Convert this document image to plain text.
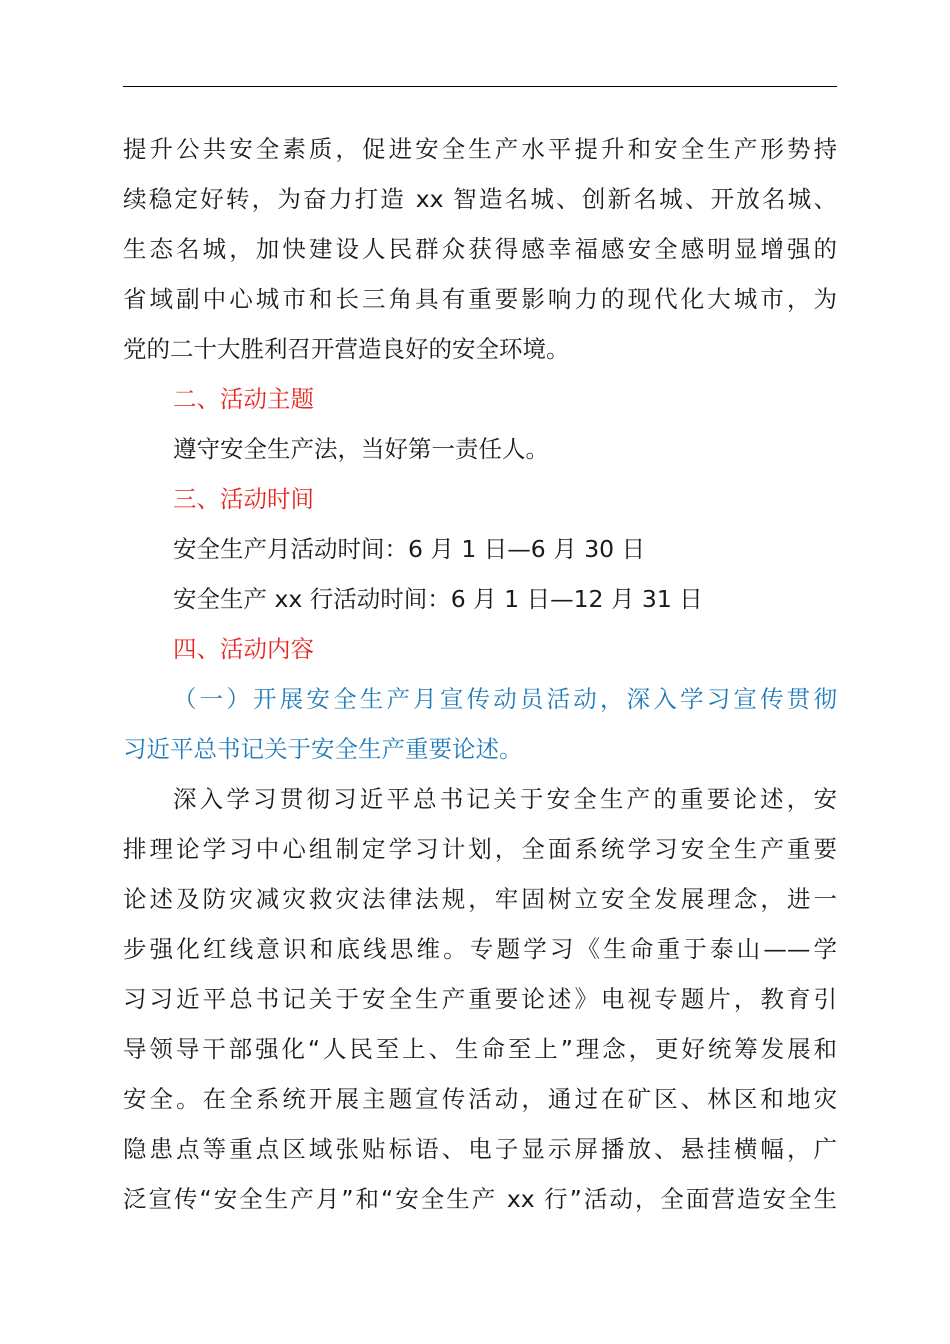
提升公共安全素质，促进安全生产水平提升和安全生产形势持
续稳定好转，为奋力打造 xx 智造名城、创新名城、开放名城、
生态名城，加快建设人民群众获得感幸福感安全感明显增强的
省域副中心城市和长三角具有重要影响力的现代化大城市，为
党的二十大胜利召开营造良好的安全环境。
二、活动主题
遵守安全生产法，当好第一责任人。
三、活动时间
安全生产月活动时间：6 月 1 日—6 月 30 日
安全生产 xx 行活动时间：6 月 1 日—12 月 31 日
四、活动内容
（一）开展安全生产月宣传动员活动，深入学习宣传贯彻
习近平总书记关于安全生产重要论述。
深入学习贯彻习近平总书记关于安全生产的重要论述，安
排理论学习中心组制定学习计划，全面系统学习安全生产重要
论述及防灾减灾救灾法律法规，牢固树立安全发展理念，进一
步强化红线意识和底线思维。专题学习《生命重于泰山——学
习习近平总书记关于安全生产重要论述》电视专题片，教育引
导领导干部强化“人民至上、生命至上”理念，更好统筹发展和
安全。在全系统开展主题宣传活动，通过在矿区、林区和地灾
隐患点等重点区域张贴标语、电子显示屏播放、悬挂横幅，广
泛宣传“安全生产月”和“安全生产 xx 行”活动，全面营造安全生
